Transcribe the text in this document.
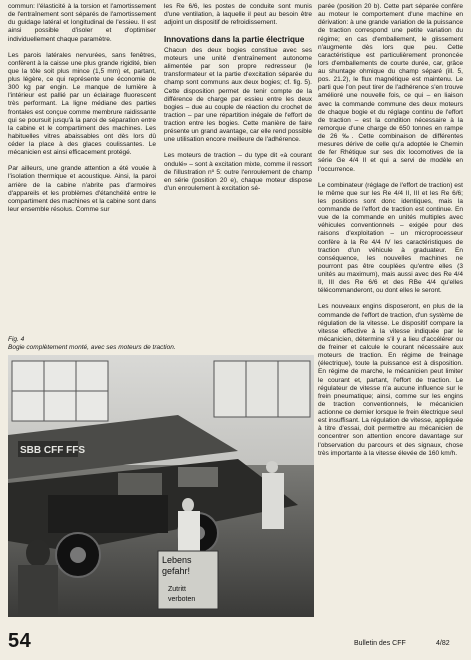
commun: l'élasticité à la torsion et l'amortissement de l'entraînement sont séparés de l'amortissement du guidage latéral et longitudinal de l'essieu. Il est ainsi possible d'isoler et d'optimiser individuellement chaque paramètre.

Les parois latérales nervurées, sans fenêtres, confèrent à la caisse une plus grande rigidité, bien que la tôle soit plus mince (1,5 mm) et, partant, plus légère, ce qui représente une économie de 300 kg par engin. Le manque de lumière à l'intérieur est pallié par un éclairage fluorescent très performant. La ligne médiane des parties frontales est conçue comme membrure raidissante qui se poursuit jusqu'à la paroi de séparation entre la cabine et le compartiment des machines. Les habituelles vitres abaissables ont dès lors dû céder la place à des glaces coulissantes. Le mécanicien est ainsi efficacement protégé.

Par ailleurs, une grande attention a été vouée à l'isolation thermique et acoustique. Ainsi, la paroi arrière de la cabine n'abrite pas d'armoires d'appareils et les problèmes d'étanchéité entre le compartiment des machines et la cabine sont dans leur ensemble résolus. Comme sur

les Re 6/6, les postes de conduite sont munis d'une ventilation, à laquelle il peut au besoin être adjoint un dispositif de refroidissement.

Innovations dans la partie électrique

Chacun des deux bogies constitue avec ses moteurs une unité d'entraînement autonome alimentée par son propre redresseur (le transformateur et la partie d'excitation séparée du champ sont communs aux deux bogies; cf. fig. 5). Cette disposition permet de tenir compte de la différence de charge par essieu entre les deux bogies – due au couple de réaction du crochet de traction – par une répartition inégale de l'effort de traction entre les bogies. Cette manière de faire présente un grand avantage, car elle rend possible une utilisation encore meilleure de l'adhérence.

Les moteurs de traction – du type dit «à courant ondulé» – sont à excitation mixte, comme il ressort de l'illustration nº 5: outre l'enroulement de champ en série (position 20 e), chaque moteur dispose d'un enroulement à excitation sé-

parée (position 20 b). Cette part séparée confère au moteur le comportement d'une machine en dérivation: à une grande variation de la puissance de traction correspond une petite variation du régime; en cas d'emballement, le glissement n'augmente dès lors que peu. Cette caractéristique est particulièrement prononcée lors d'emballements de courte durée, car, grâce au shuntage ohmique du champ séparé (ill. 5, pos. 21.2), le flux magnétique est maintenu. Le parti que l'on peut tirer de l'adhérence s'en trouve amélioré une nouvelle fois, ce qui – en liaison avec la commande commune des deux moteurs de chaque bogie et du réglage continu de l'effort de traction – est la condition nécessaire à la remorque d'une charge de 650 tonnes en rampe de 26 ‰. Cette combinaison de différentes mesures dérive de celle qu'a adoptée le Chemin de fer Rhétique sur ses dix locomotives de la série Ge 4/4 II et qui a servi de modèle en l'occurrence.

Le combinateur (réglage de l'effort de traction) est le même que sur les Re 4/4 II, III et les Re 6/6; les positions sont donc identiques, mais la commande de l'effort de traction est continue. En vue de la commande en unités multiples avec véhicules conventionnels – exigée pour des raisons d'exploitation – un microprocesseur confère à la Re 4/4 IV les caractéristiques de traction d'un véhicule à graduateur. En conséquence, les nouvelles machines ne pourront pas être couplées qu'entre elles (3 unités au maximum), mais aussi avec des Re 4/4 II, III des Re 6/6 et des RBe 4/4 qu'elles télécommanderont, ou dont elles le seront.

Les nouveaux engins disposeront, en plus de la commande de l'effort de traction, d'un système de régulation de la vitesse. Le dispositif compare la vitesse effective à la vitesse indiquée par le mécanicien, détermine s'il y a lieu d'accélérer ou de freiner et calcule le courant nécessaire aux moteurs de traction. En régime de freinage (électrique), toute la puissance est à disposition. En régime de marche, le mécanicien peut limiter le courant et, partant, l'effort de traction. Le régulateur de vitesse n'a aucune influence sur le frein pneumatique; ainsi, comme sur les engins de traction conventionnels, le mécanicien actionne ce dernier lorsque le frein électrique seul est insuffisant. La régulation de vitesse, appliquée à titre d'essai, doit permettre au mécanicien de concentrer son attention encore davantage sur l'observation du parcours et des signaux, chose très importante à la vitesse élevée de 160 km/h.

Fig. 4
Bogie complètement monté, avec ses moteurs de traction.
SBB CFF FFS
Lebens
gefahr!
Zutritt
verboten
54	Bulletin des CFF	4/82
